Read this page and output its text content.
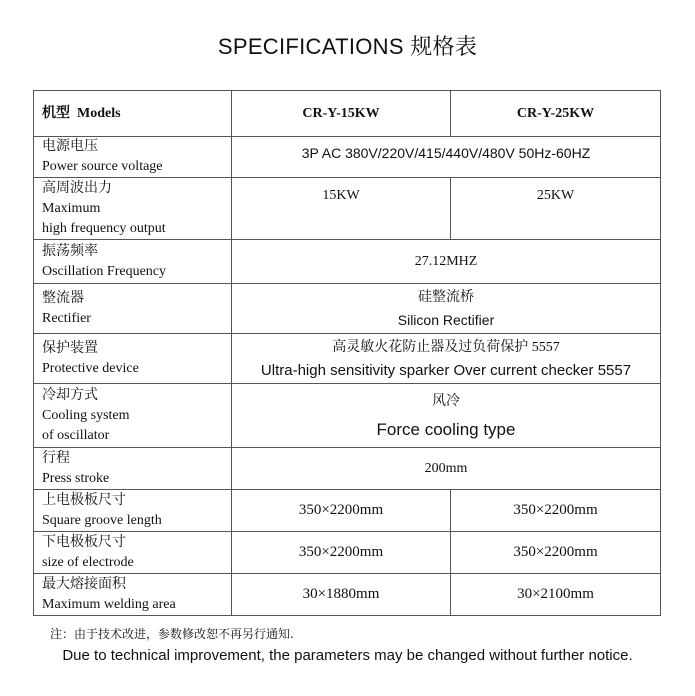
SPECIFICATIONS 规格表
机型 Models	CR-Y-15KW	CR-Y-25KW

电源电压
Power source voltage	3P AC 380V/220V/415/440V/480V 50Hz-60HZ	

高周波出力
Maximum
high frequency output	15KW	25KW

振荡频率
Oscillation Frequency	27.12MHZ	

整流器
Rectifier	硅整流桥
Silicon Rectifier	

保护装置
Protective device	高灵敏火花防止器及过负荷保护 5557
Ultra-high sensitivity sparker Over current checker 5557	

冷却方式
Cooling system
of oscillator	风冷
Force cooling type	

行程
Press stroke	200mm	

上电极板尺寸
Square groove length	350×2200mm	350×2200mm

下电极板尺寸
size of electrode	350×2200mm	350×2200mm

最大熔接面积
Maximum welding area	30×1880mm	30×2100mm
注：由于技术改进，参数修改恕不再另行通知.
Due to technical improvement, the parameters may be changed without further notice.
